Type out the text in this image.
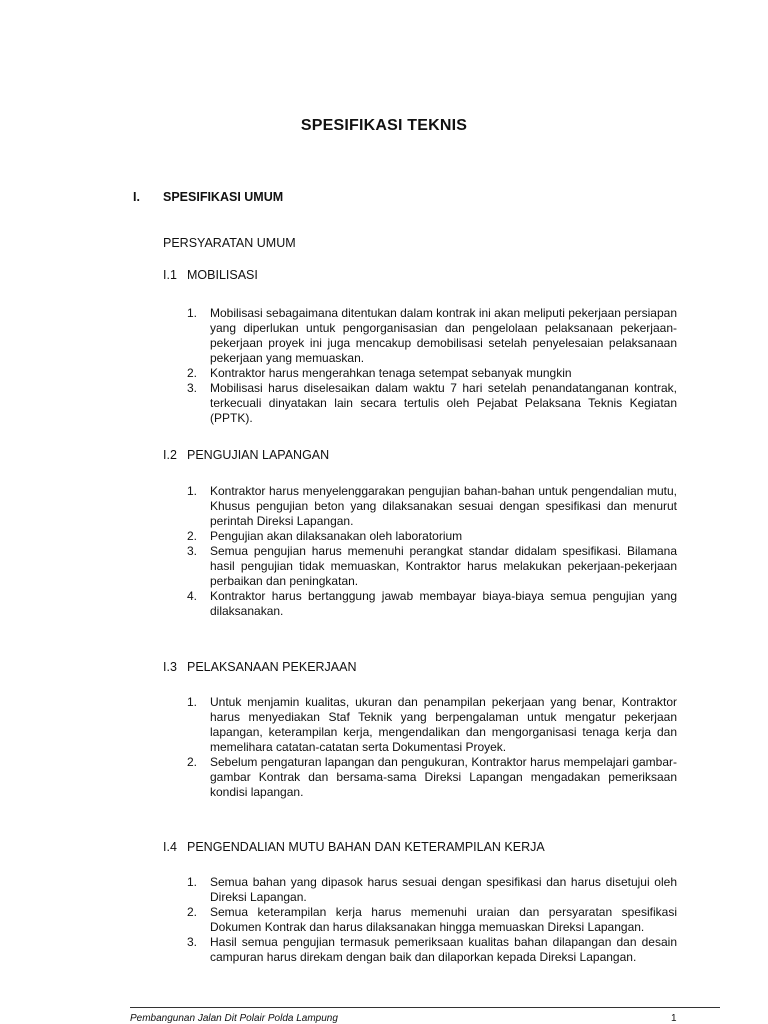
SPESIFIKASI TEKNIS
I. SPESIFIKASI UMUM
PERSYARATAN UMUM
I.1 MOBILISASI
1. Mobilisasi sebagaimana ditentukan dalam kontrak ini akan meliputi pekerjaan persiapan yang diperlukan untuk pengorganisasian dan pengelolaan pelaksanaan pekerjaan-pekerjaan proyek ini juga mencakup demobilisasi setelah penyelesaian pelaksanaan pekerjaan yang memuaskan.
2. Kontraktor harus mengerahkan tenaga setempat sebanyak mungkin
3. Mobilisasi harus diselesaikan dalam waktu 7 hari setelah penandatanganan kontrak, terkecuali dinyatakan lain secara tertulis oleh Pejabat Pelaksana Teknis Kegiatan (PPTK).
I.2 PENGUJIAN LAPANGAN
1. Kontraktor harus menyelenggarakan pengujian bahan-bahan untuk pengendalian mutu, Khusus pengujian beton yang dilaksanakan sesuai dengan spesifikasi dan menurut perintah Direksi Lapangan.
2. Pengujian akan dilaksanakan oleh laboratorium
3. Semua pengujian harus memenuhi perangkat standar didalam spesifikasi. Bilamana hasil pengujian tidak memuaskan, Kontraktor harus melakukan pekerjaan-pekerjaan perbaikan dan peningkatan.
4. Kontraktor harus bertanggung jawab membayar biaya-biaya semua pengujian yang dilaksanakan.
I.3 PELAKSANAAN PEKERJAAN
1. Untuk menjamin kualitas, ukuran dan penampilan pekerjaan yang benar, Kontraktor harus menyediakan Staf Teknik yang berpengalaman untuk mengatur pekerjaan lapangan, keterampilan kerja, mengendalikan dan mengorganisasi tenaga kerja dan memelihara catatan-catatan serta Dokumentasi Proyek.
2. Sebelum pengaturan lapangan dan pengukuran, Kontraktor harus mempelajari gambar-gambar Kontrak dan bersama-sama Direksi Lapangan mengadakan pemeriksaan kondisi lapangan.
I.4 PENGENDALIAN MUTU BAHAN DAN KETERAMPILAN KERJA
1. Semua bahan yang dipasok harus sesuai dengan spesifikasi dan harus disetujui oleh Direksi Lapangan.
2. Semua keterampilan kerja harus memenuhi uraian dan persyaratan spesifikasi Dokumen Kontrak dan harus dilaksanakan hingga memuaskan Direksi Lapangan.
3. Hasil semua pengujian termasuk pemeriksaan kualitas bahan dilapangan dan desain campuran harus direkam dengan baik dan dilaporkan kepada Direksi Lapangan.
Pembangunan Jalan Dit Polair Polda Lampung	1
